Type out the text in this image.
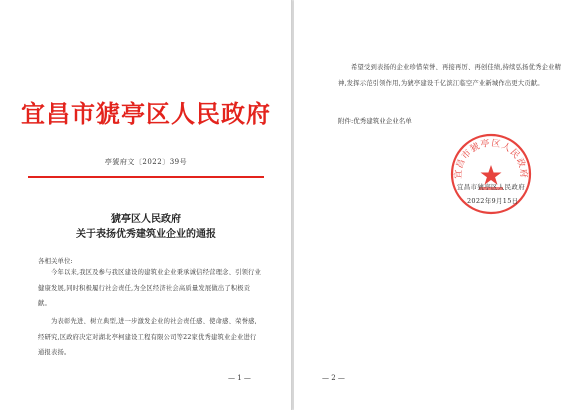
宜昌市猇亭区人民政府
亭猇府文〔2022〕39号
猇亭区人民政府
关于表扬优秀建筑业企业的通报
各相关单位:
今年以来,我区及参与我区建设的建筑业企业秉承诚信经营理念、引领行业健康发展,同时积极履行社会责任,为全区经济社会高质量发展做出了积极贡献。
为表彰先进、树立典型,进一步激发企业的社会责任感、使命感、荣誉感,经研究,区政府决定对湖北亭柯建设工程有限公司等22家优秀建筑业企业进行通报表扬。
— 1 —
希望受到表扬的企业珍惜荣誉、再接再厉、再创佳绩,持续弘扬优秀企业精神,发挥示范引领作用,为猇亭建设千亿滨江临空产业新城作出更大贡献。
附件:优秀建筑业企业名单
宜昌市猇亭区人民政府
宜昌市猇亭区人民政府
2022年9月15日
— 2 —
